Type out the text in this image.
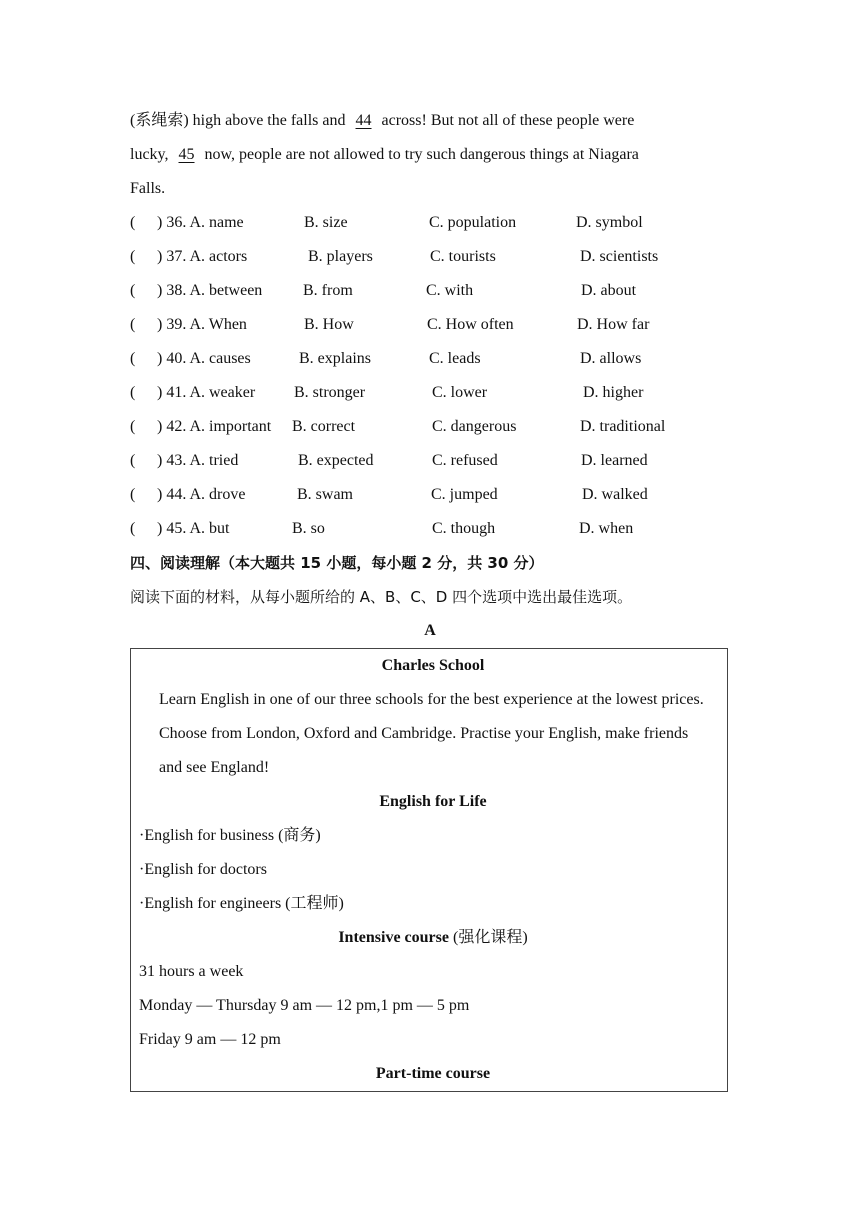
(系绳索) high above the falls and 44 across! But not all of these people were
lucky, 45 now, people are not allowed to try such dangerous things at Niagara
Falls.
( ) 36. A. name	B. size	C. population	D. symbol
( ) 37. A. actors	B. players	C. tourists	D. scientists
( ) 38. A. between	B. from	C. with	D. about
( ) 39. A. When	B. How	C. How often	D. How far
( ) 40. A. causes	B. explains	C. leads	D. allows
( ) 41. A. weaker B. stronger	C. lower	D. higher
( ) 42. A. important B. correct	C. dangerous	D. traditional
( ) 43. A. tried	B. expected	C. refused	D. learned
( ) 44. A. drove	B. swam	C. jumped	D. walked
( ) 45. A. but	B. so	C. though	D. when
四、阅读理解（本大题共 15 小题，每小题 2 分，共 30 分）
阅读下面的材料，从每小题所给的 A、B、C、D 四个选项中选出最佳选项。
A
Charles School
Learn English in one of our three schools for the best experience at the lowest prices. Choose from London, Oxford and Cambridge. Practise your English, make friends and see England!
English for Life
·English for business (商务)
·English for doctors
·English for engineers (工程师)
Intensive course (强化课程)
31 hours a week
Monday — Thursday 9 am — 12 pm,1 pm — 5 pm
Friday 9 am — 12 pm
Part-time course
